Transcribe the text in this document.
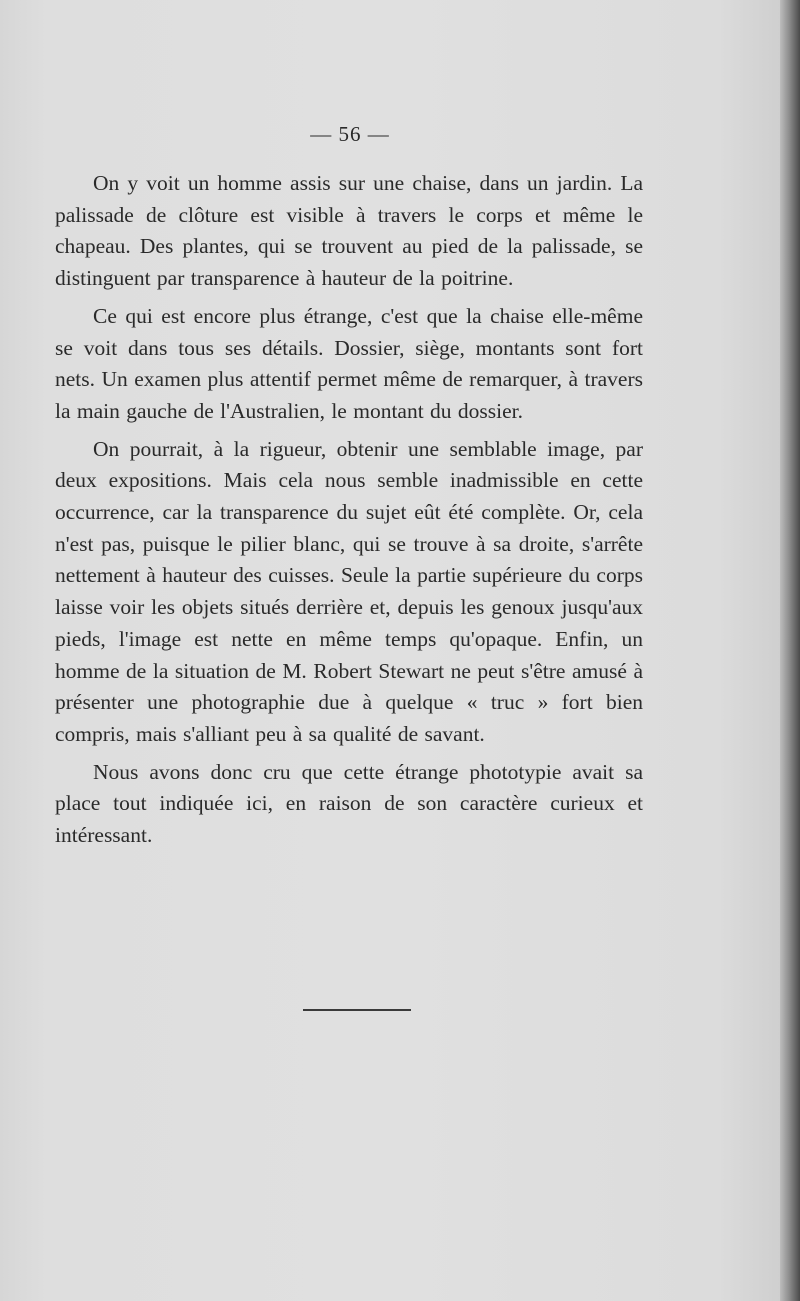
— 56 —

On y voit un homme assis sur une chaise, dans un jardin. La palissade de clôture est visible à travers le corps et même le chapeau. Des plantes, qui se trouvent au pied de la palissade, se distinguent par transparence à hauteur de la poitrine.

Ce qui est encore plus étrange, c'est que la chaise elle-même se voit dans tous ses détails. Dossier, siège, montants sont fort nets. Un examen plus attentif permet même de remarquer, à travers la main gauche de l'Australien, le montant du dossier.

On pourrait, à la rigueur, obtenir une semblable image, par deux expositions. Mais cela nous semble inadmissible en cette occurrence, car la transparence du sujet eût été complète. Or, cela n'est pas, puisque le pilier blanc, qui se trouve à sa droite, s'arrête nettement à hauteur des cuisses. Seule la partie supérieure du corps laisse voir les objets situés derrière et, depuis les genoux jusqu'aux pieds, l'image est nette en même temps qu'opaque. Enfin, un homme de la situation de M. Robert Stewart ne peut s'être amusé à présenter une photographie due à quelque « truc » fort bien compris, mais s'alliant peu à sa qualité de savant.

Nous avons donc cru que cette étrange phototypie avait sa place tout indiquée ici, en raison de son caractère curieux et intéressant.
